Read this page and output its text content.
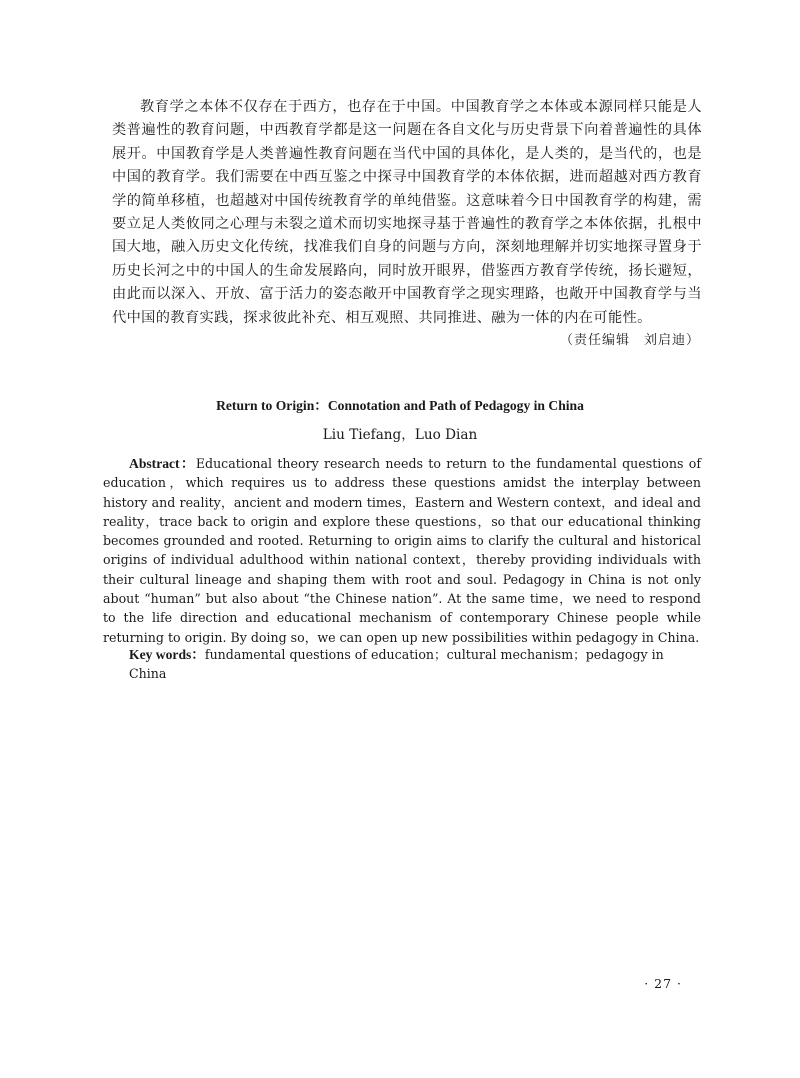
教育学之本体不仅存在于西方，也存在于中国。中国教育学之本体或本源同样只能是人类普遍性的教育问题，中西教育学都是这一问题在各自文化与历史背景下向着普遍性的具体展开。中国教育学是人类普遍性教育问题在当代中国的具体化，是人类的，是当代的，也是中国的教育学。我们需要在中西互鉴之中探寻中国教育学的本体依据，进而超越对西方教育学的简单移植，也超越对中国传统教育学的单纯借鉴。这意味着今日中国教育学的构建，需要立足人类攸同之心理与未裂之道术而切实地探寻基于普遍性的教育学之本体依据，扎根中国大地，融入历史文化传统，找准我们自身的问题与方向，深刻地理解并切实地探寻置身于历史长河之中的中国人的生命发展路向，同时放开眼界，借鉴西方教育学传统，扬长避短，由此而以深入、开放、富于活力的姿态敞开中国教育学之现实理路，也敞开中国教育学与当代中国的教育实践，探求彼此补充、相互观照、共同推进、融为一体的内在可能性。

（责任编辑　刘启迪）

Return to Origin：Connotation and Path of Pedagogy in China

Liu Tiefang，Luo Dian

Abstract：Educational theory research needs to return to the fundamental questions of education，which requires us to address these questions amidst the interplay between history and reality，ancient and modern times，Eastern and Western context，and ideal and reality，trace back to origin and explore these questions，so that our educational thinking becomes grounded and rooted. Returning to origin aims to clarify the cultural and historical origins of individual adulthood within national context，thereby providing individuals with their cultural lineage and shaping them with root and soul. Pedagogy in China is not only about “human” but also about “the Chinese nation”. At the same time，we need to respond to the life direction and educational mechanism of contemporary Chinese people while returning to origin. By doing so，we can open up new possibilities within pedagogy in China.

Key words：fundamental questions of education；cultural mechanism；pedagogy in China

· 27 ·
